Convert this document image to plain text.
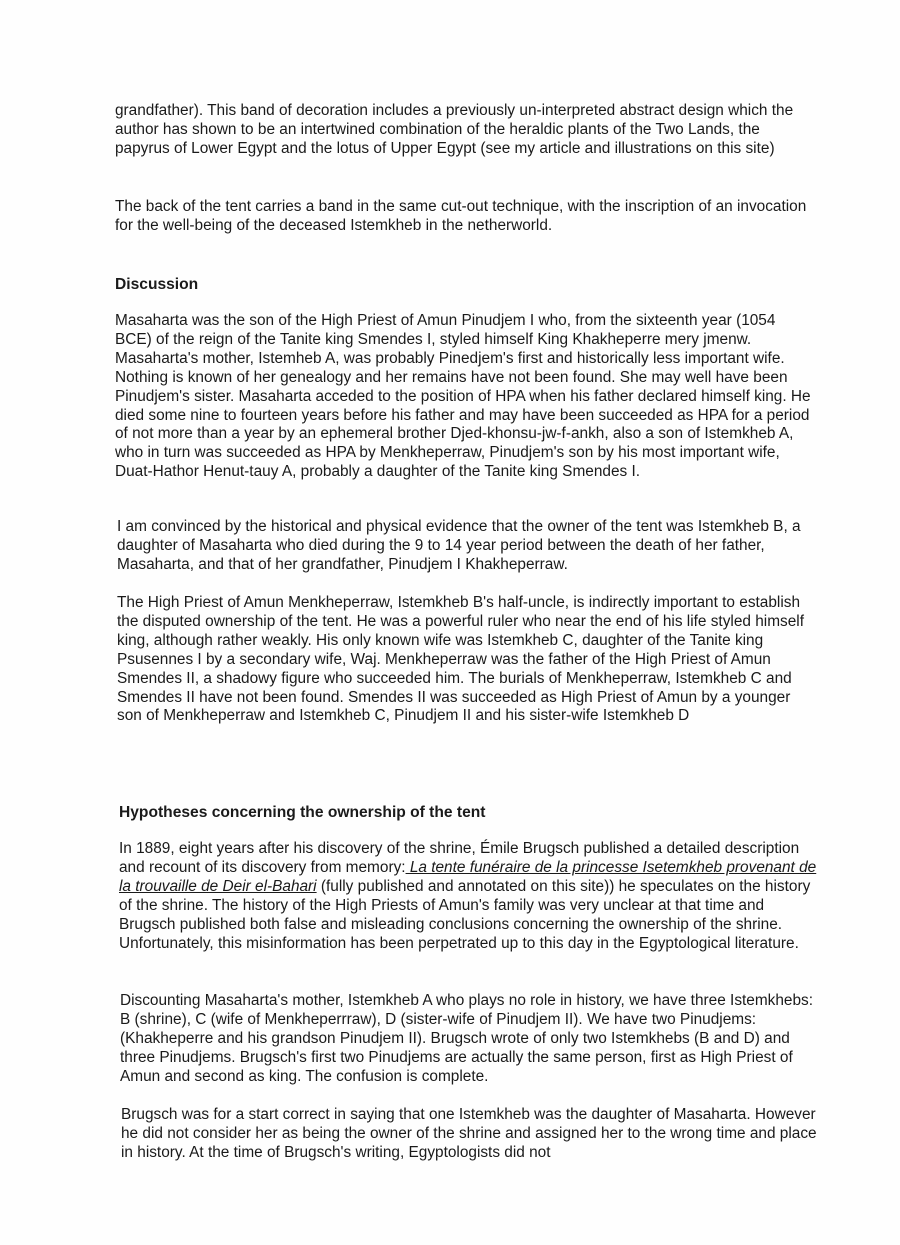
grandfather). This band of decoration includes a previously un-interpreted abstract design which the author has shown to be an intertwined combination of the heraldic plants of the Two Lands, the papyrus of Lower Egypt and the lotus of Upper Egypt (see my article and illustrations on this site)

The back of the tent carries a band in the same cut-out technique, with the inscription of an invocation for the well-being of the deceased Istemkheb in the netherworld.

Discussion

Masaharta was the son of the High Priest of Amun Pinudjem I who, from the sixteenth year (1054 BCE) of the reign of the Tanite king Smendes I, styled himself King Khakheperre mery jmenw. Masaharta's mother, Istemheb A, was probably Pinedjem's first and historically less important wife. Nothing is known of her genealogy and her remains have not been found. She may well have been Pinudjem's sister. Masaharta acceded to the position of HPA when his father declared himself king. He died some nine to fourteen years before his father and may have been succeeded as HPA for a period of not more than a year by an ephemeral brother Djed-khonsu-jw-f-ankh, also a son of Istemkheb A, who in turn was succeeded as HPA by Menkheperraw, Pinudjem's son by his most important wife, Duat-Hathor Henut-tauy A, probably a daughter of the Tanite king Smendes I.

I am convinced by the historical and physical evidence that the owner of the tent was Istemkheb B, a daughter of Masaharta who died during the 9 to 14 year period between the death of her father, Masaharta, and that of her grandfather, Pinudjem I Khakheperraw.

The High Priest of Amun Menkheperraw, Istemkheb B's half-uncle, is indirectly important to establish the disputed ownership of the tent. He was a powerful ruler who near the end of his life styled himself king, although rather weakly. His only known wife was Istemkheb C, daughter of the Tanite king Psusennes I by a secondary wife, Waj. Menkheperraw was the father of the High Priest of Amun Smendes II, a shadowy figure who succeeded him. The burials of Menkheperraw, Istemkheb C and Smendes II have not been found. Smendes II was succeeded as High Priest of Amun by a younger son of Menkheperraw and Istemkheb C, Pinudjem II and his sister-wife Istemkheb D

Hypotheses concerning the ownership of the tent

In 1889, eight years after his discovery of the shrine, Émile Brugsch published a detailed description and recount of its discovery from memory: La tente funéraire de la princesse Isetemkheb provenant de la trouvaille de Deir el-Bahari (fully published and annotated on this site)) he speculates on the history of the shrine. The history of the High Priests of Amun's family was very unclear at that time and Brugsch published both false and misleading conclusions concerning the ownership of the shrine. Unfortunately, this misinformation has been perpetrated up to this day in the Egyptological literature.

Discounting Masaharta's mother, Istemkheb A who plays no role in history, we have three Istemkhebs: B (shrine), C (wife of Menkheperrraw), D (sister-wife of Pinudjem II). We have two Pinudjems: (Khakheperre and his grandson Pinudjem II). Brugsch wrote of only two Istemkhebs (B and D) and three Pinudjems. Brugsch's first two Pinudjems are actually the same person, first as High Priest of Amun and second as king. The confusion is complete.

Brugsch was for a start correct in saying that one Istemkheb was the daughter of Masaharta. However he did not consider her as being the owner of the shrine and assigned her to the wrong time and place in history. At the time of Brugsch's writing, Egyptologists did not
